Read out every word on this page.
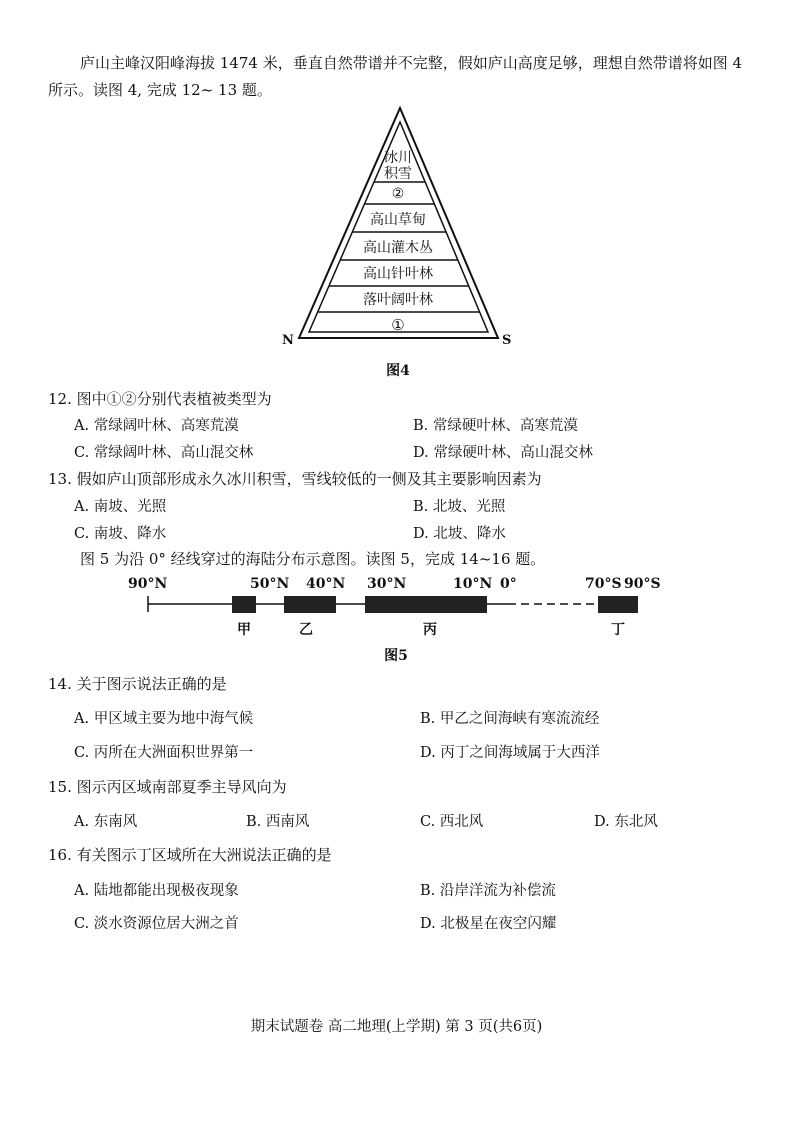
庐山主峰汉阳峰海拔 1474 米，垂直自然带谱并不完整，假如庐山高度足够，理想自然带谱将如图 4 所示。读图 4, 完成 12~ 13 题。
冰川
积雪
②
高山草甸
高山灌木丛
高山针叶林
落叶阔叶林
①
N	S
图4
12. 图中①②分别代表植被类型为
A. 常绿阔叶林、高寒荒漠	B. 常绿硬叶林、高寒荒漠
C. 常绿阔叶林、高山混交林	D. 常绿硬叶林、高山混交林
13. 假如庐山顶部形成永久冰川积雪，雪线较低的一侧及其主要影响因素为
A. 南坡、光照	B. 北坡、光照
C. 南坡、降水	D. 北坡、降水
图 5 为沿 0° 经线穿过的海陆分布示意图。读图 5，完成 14~16 题。
90°N	50°N 40°N 30°N	10°N 0°	70°S 90°S
甲	乙	丙	丁
图5
14. 关于图示说法正确的是
A. 甲区域主要为地中海气候	B. 甲乙之间海峡有寒流流经
C. 丙所在大洲面积世界第一	D. 丙丁之间海域属于大西洋
15. 图示丙区域南部夏季主导风向为
A. 东南风	B. 西南风	C. 西北风	D. 东北风
16. 有关图示丁区域所在大洲说法正确的是
A. 陆地都能出现极夜现象	B. 沿岸洋流为补偿流
C. 淡水资源位居大洲之首	D. 北极星在夜空闪耀
期末试题卷 高二地理(上学期) 第 3 页(共6页)
